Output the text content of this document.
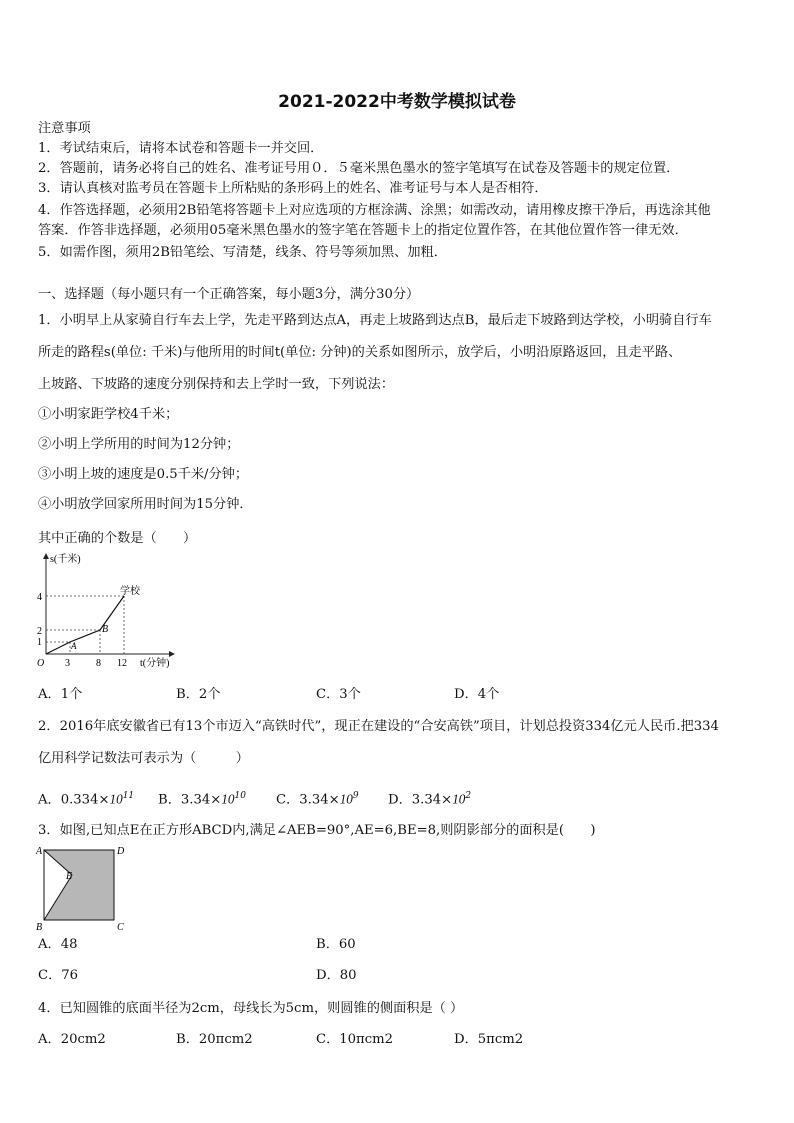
2021-2022中考数学模拟试卷
注意事项
1．考试结束后，请将本试卷和答题卡一并交回．
2．答题前，请务必将自己的姓名、准考证号用０．５毫米黑色墨水的签字笔填写在试卷及答题卡的规定位置．
3．请认真核对监考员在答题卡上所粘贴的条形码上的姓名、准考证号与本人是否相符．
4．作答选择题，必须用2B铅笔将答题卡上对应选项的方框涂满、涂黑；如需改动，请用橡皮擦干净后，再选涂其他
答案．作答非选择题，必须用05毫米黑色墨水的签字笔在答题卡上的指定位置作答，在其他位置作答一律无效．
5．如需作图，须用2B铅笔绘、写清楚，线条、符号等须加黑、加粗．
一、选择题（每小题只有一个正确答案，每小题3分，满分30分）
1．小明早上从家骑自行车去上学，先走平路到达点A，再走上坡路到达点B，最后走下坡路到达学校，小明骑自行车
所走的路程s(单位: 千米)与他所用的时间t(单位: 分钟)的关系如图所示，放学后，小明沿原路返回，且走平路、
上坡路、下坡路的速度分别保持和去上学时一致，下列说法：
①小明家距学校4千米；
②小明上学所用的时间为12分钟；
③小明上坡的速度是0.5千米/分钟；
④小明放学回家所用时间为15分钟．
其中正确的个数是（　　）
s(千米)
t(分钟)
O
4
2
1
3	8 12
A
B
学校
A．1个	B．2个	C．3个	D．4个
2．2016年底安徽省已有13个市迈入“高铁时代”，现正在建设的“合安高铁”项目，计划总投资334亿元人民币.把334
亿用科学记数法可表示为（　　　）
A．$0.334\times 10^{11}$ B．$3.34\times 10^{10}$ C．$3.34\times 10^9$ D．$3.34\times 10^2$
3．如图,已知点E在正方形ABCD内,满足∠AEB=90°,AE=6,BE=8,则阴影部分的面积是(　　)
A	D
B	C
E
A．48	B．60
C．76	D．80
4．已知圆锥的底面半径为2cm，母线长为5cm，则圆锥的侧面积是（ ）
A．20cm2	B．20πcm2	C．10πcm2	D．5πcm2
